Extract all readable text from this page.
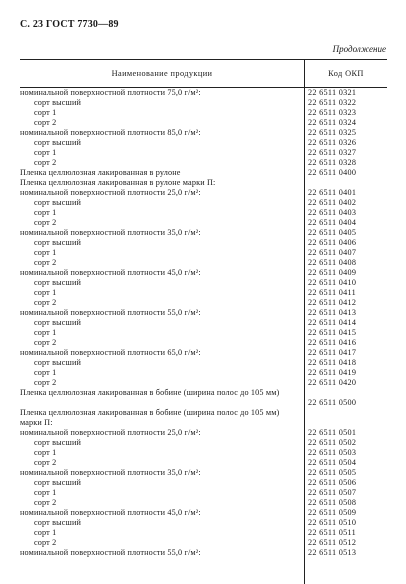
С. 23 ГОСТ 7730—89
Продолжение
Наименование продукции	Код ОКП
номинальной поверхностной плотности 75,0 г/м²:	22 6511 0321
сорт высший	22 6511 0322
сорт 1	22 6511 0323
сорт 2	22 6511 0324
номинальной поверхностной плотности 85,0 г/м²:	22 6511 0325
сорт высший	22 6511 0326
сорт 1	22 6511 0327
сорт 2	22 6511 0328
Пленка целлюлозная лакированная в рулоне	22 6511 0400
Пленка целлюлозная лакированная в рулоне марки П:
номинальной поверхностной плотности 25,0 г/м²:	22 6511 0401
сорт высший	22 6511 0402
сорт 1	22 6511 0403
сорт 2	22 6511 0404
номинальной поверхностной плотности 35,0 г/м²:	22 6511 0405
сорт высший	22 6511 0406
сорт 1	22 6511 0407
сорт 2	22 6511 0408
номинальной поверхностной плотности 45,0 г/м²:	22 6511 0409
сорт высший	22 6511 0410
сорт 1	22 6511 0411
сорт 2	22 6511 0412
номинальной поверхностной плотности 55,0 г/м²:	22 6511 0413
сорт высший	22 6511 0414
сорт 1	22 6511 0415
сорт 2	22 6511 0416
номинальной поверхностной плотности 65,0 г/м²:	22 6511 0417
сорт высший	22 6511 0418
сорт 1	22 6511 0419
сорт 2	22 6511 0420
Пленка целлюлозная лакированная в бобине (ширина полос до 105 мм)
22 6511 0500
Пленка целлюлозная лакированная в бобине (ширина полос до 105 мм) марки П:
номинальной поверхностной плотности 25,0 г/м²:	22 6511 0501
сорт высший	22 6511 0502
сорт 1	22 6511 0503
сорт 2	22 6511 0504
номинальной поверхностной плотности 35,0 г/м²:	22 6511 0505
сорт высший	22 6511 0506
сорт 1	22 6511 0507
сорт 2	22 6511 0508
номинальной поверхностной плотности 45,0 г/м²:	22 6511 0509
сорт высший	22 6511 0510
сорт 1	22 6511 0511
сорт 2	22 6511 0512
номинальной поверхностной плотности 55,0 г/м²:	22 6511 0513
